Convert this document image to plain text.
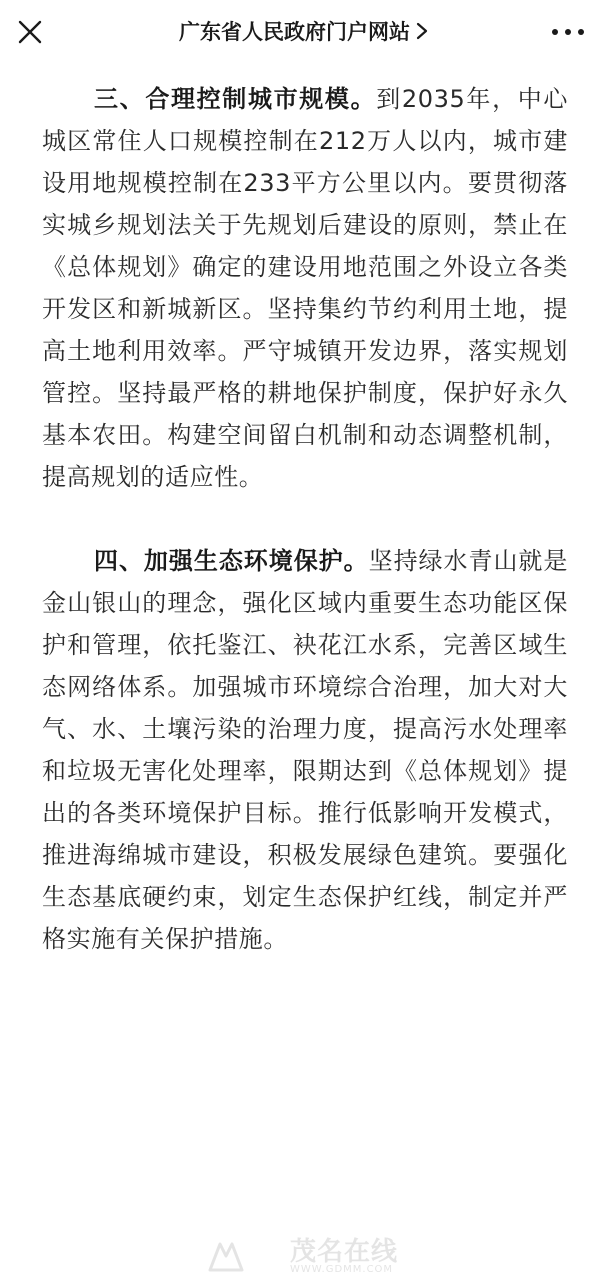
广东省人民政府门户网站

三、合理控制城市规模。到2035年，中心城区常住人口规模控制在212万人以内，城市建设用地规模控制在233平方公里以内。要贯彻落实城乡规划法关于先规划后建设的原则，禁止在《总体规划》确定的建设用地范围之外设立各类开发区和新城新区。坚持集约节约利用土地，提高土地利用效率。严守城镇开发边界，落实规划管控。坚持最严格的耕地保护制度，保护好永久基本农田。构建空间留白机制和动态调整机制，提高规划的适应性。

四、加强生态环境保护。坚持绿水青山就是金山银山的理念，强化区域内重要生态功能区保护和管理，依托鉴江、袂花江水系，完善区域生态网络体系。加强城市环境综合治理，加大对大气、水、土壤污染的治理力度，提高污水处理率和垃圾无害化处理率，限期达到《总体规划》提出的各类环境保护目标。推行低影响开发模式，推进海绵城市建设，积极发展绿色建筑。要强化生态基底硬约束，划定生态保护红线，制定并严格实施有关保护措施。

茂名在线
WWW.GDMM.COM
